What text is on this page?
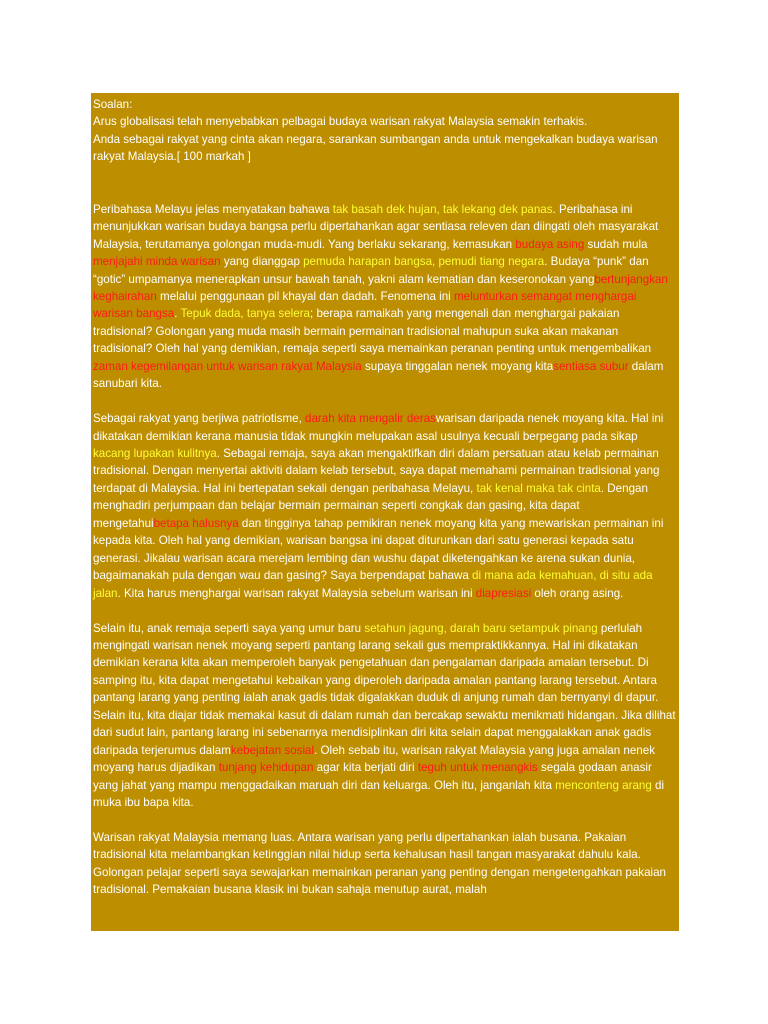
Soalan:

Arus globalisasi telah menyebabkan pelbagai budaya warisan rakyat Malaysia semakin terhakis.

Anda sebagai rakyat yang cinta akan negara, sarankan sumbangan anda untuk mengekalkan budaya warisan rakyat Malaysia.[ 100 markah ]

Peribahasa Melayu jelas menyatakan bahawa tak basah dek hujan, tak lekang dek panas. Peribahasa ini menunjukkan warisan budaya bangsa perlu dipertahankan agar sentiasa releven dan diingati oleh masyarakat Malaysia, terutamanya golongan muda-mudi. Yang berlaku sekarang, kemasukan budaya asing sudah mula menjajahi minda warisan yang dianggap pemuda harapan bangsa, pemudi tiang negara. Budaya “punk” dan “gotic” umpamanya menerapkan unsur bawah tanah, yakni alam kematian dan keseronokan yangbertunjangkan keghairahan melalui penggunaan pil khayal dan dadah. Fenomena ini melunturkan semangat menghargai warisan bangsa. Tepuk dada, tanya selera; berapa ramaikah yang mengenali dan menghargai pakaian tradisional? Golongan yang muda masih bermain permainan tradisional mahupun suka akan makanan tradisional? Oleh hal yang demikian, remaja seperti saya memainkan peranan penting untuk mengembalikan zaman kegemilangan untuk warisan rakyat Malaysia supaya tinggalan nenek moyang kitasentiasa subur dalam sanubari kita.

Sebagai rakyat yang berjiwa patriotisme, darah kita mengalir deraswarisan daripada nenek moyang kita. Hal ini dikatakan demikian kerana manusia tidak mungkin melupakan asal usulnya kecuali berpegang pada sikap kacang lupakan kulitnya. Sebagai remaja, saya akan mengaktifkan diri dalam persatuan atau kelab permainan tradisional. Dengan menyertai aktiviti dalam kelab tersebut, saya dapat memahami permainan tradisional yang terdapat di Malaysia. Hal ini bertepatan sekali dengan peribahasa Melayu, tak kenal maka tak cinta. Dengan menghadiri perjumpaan dan belajar bermain permainan seperti congkak dan gasing, kita dapat mengetahuibetapa halusnya dan tingginya tahap pemikiran nenek moyang kita yang mewariskan permainan ini kepada kita. Oleh hal yang demikian, warisan bangsa ini dapat diturunkan dari satu generasi kepada satu generasi. Jikalau warisan acara merejam lembing dan wushu dapat diketengahkan ke arena sukan dunia, bagaimanakah pula dengan wau dan gasing? Saya berpendapat bahawa di mana ada kemahuan, di situ ada jalan. Kita harus menghargai warisan rakyat Malaysia sebelum warisan ini diapresiasi oleh orang asing.

Selain itu, anak remaja seperti saya yang umur baru setahun jagung, darah baru setampuk pinang perlulah mengingati warisan nenek moyang seperti pantang larang sekali gus mempraktikkannya. Hal ini dikatakan demikian kerana kita akan memperoleh banyak pengetahuan dan pengalaman daripada amalan tersebut. Di samping itu, kita dapat mengetahui kebaikan yang diperoleh daripada amalan pantang larang tersebut. Antara pantang larang yang penting ialah anak gadis tidak digalakkan duduk di anjung rumah dan bernyanyi di dapur. Selain itu, kita diajar tidak memakai kasut di dalam rumah dan bercakap sewaktu menikmati hidangan. Jika dilihat dari sudut lain, pantang larang ini sebenarnya mendisiplinkan diri kita selain dapat menggalakkan anak gadis daripada terjerumus dalamkebejatan sosial. Oleh sebab itu, warisan rakyat Malaysia yang juga amalan nenek moyang harus dijadikan tunjang kehidupan agar kita berjati diri teguh untuk menangkis segala godaan anasir yang jahat yang mampu menggadaikan maruah diri dan keluarga. Oleh itu, janganlah kita menconteng arang di muka ibu bapa kita.

Warisan rakyat Malaysia memang luas. Antara warisan yang perlu dipertahankan ialah busana. Pakaian tradisional kita melambangkan ketinggian nilai hidup serta kehalusan hasil tangan masyarakat dahulu kala. Golongan pelajar seperti saya sewajarkan memainkan peranan yang penting dengan mengetengahkan pakaian tradisional. Pemakaian busana klasik ini bukan sahaja menutup aurat, malah
